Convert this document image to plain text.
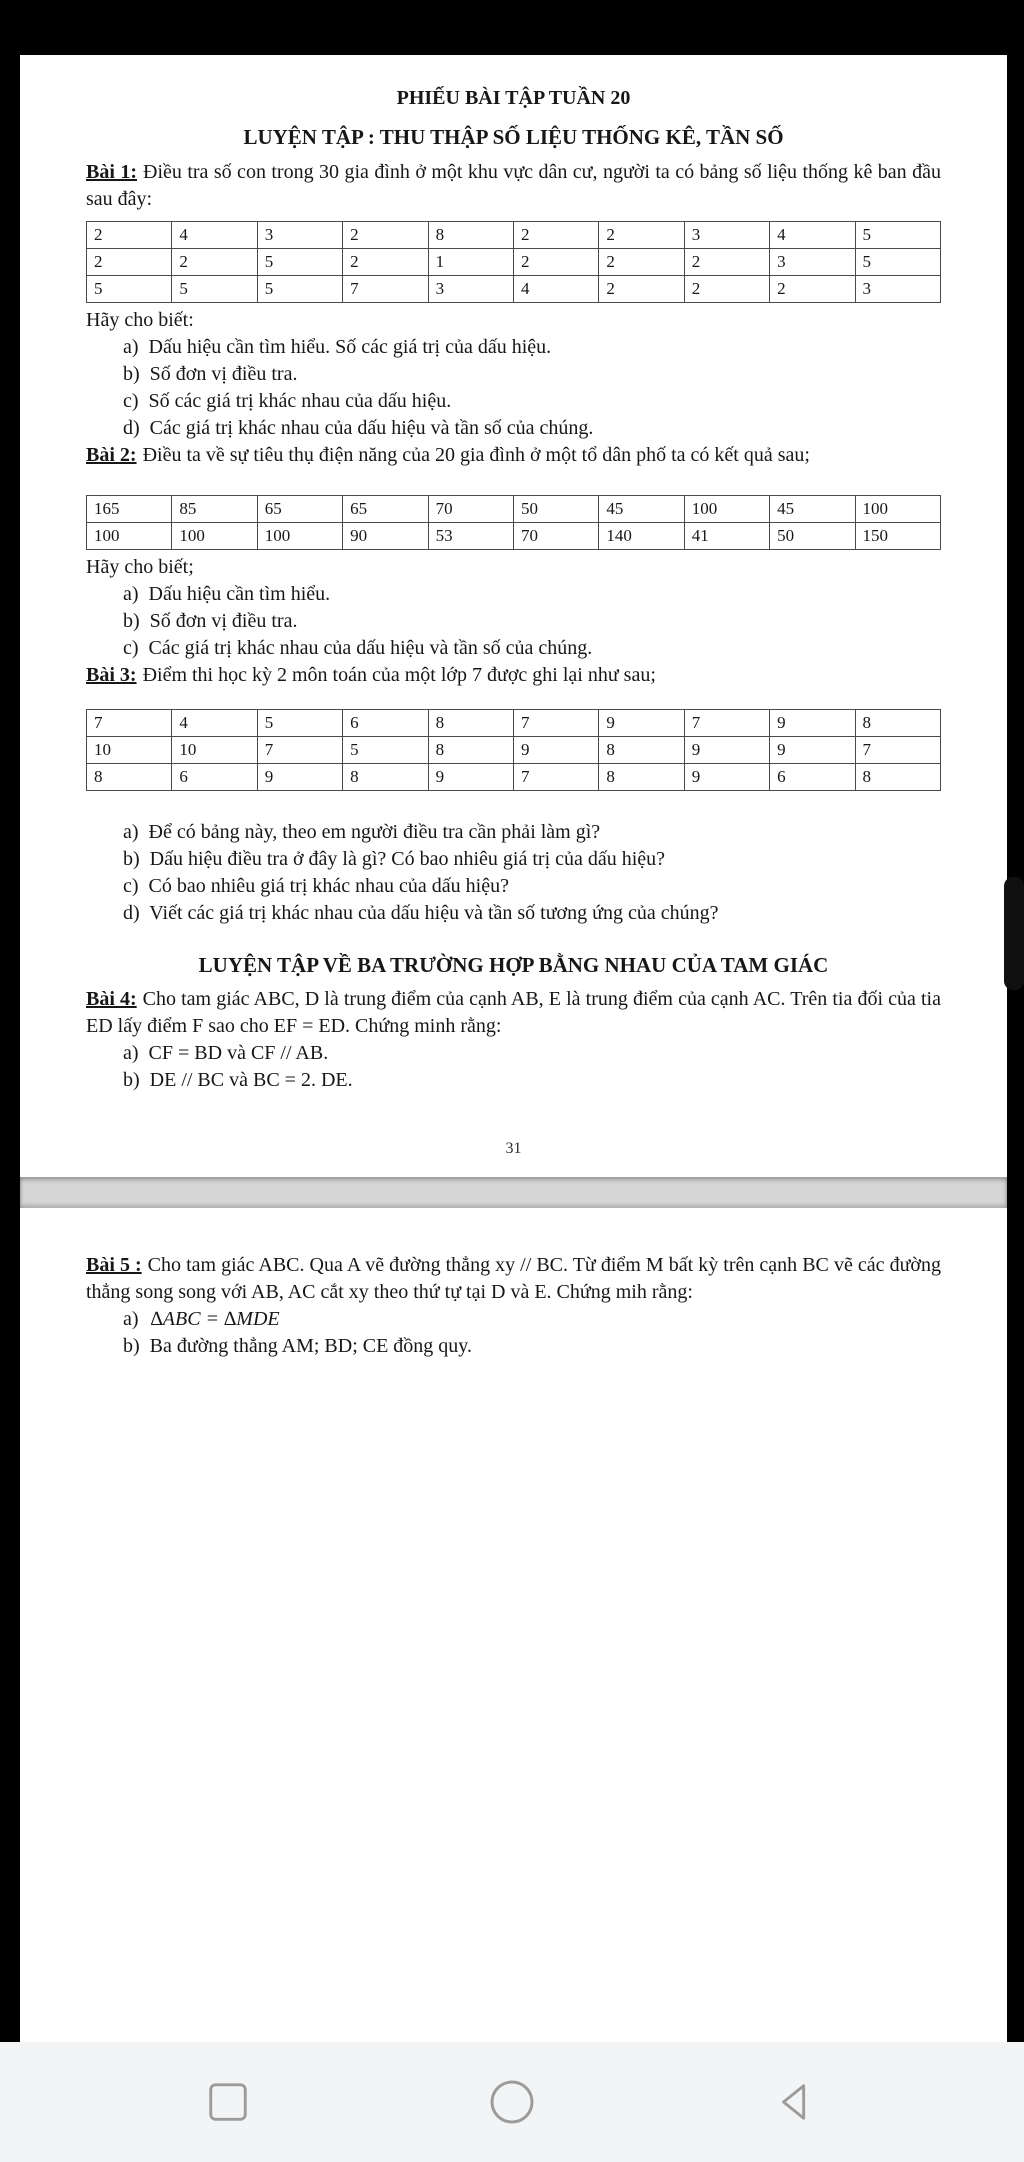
PHIẾU BÀI TẬP TUẦN 20
LUYỆN TẬP : THU THẬP SỐ LIỆU THỐNG KÊ, TẦN SỐ

Bài 1: Điều tra số con trong 30 gia đình ở một khu vực dân cư, người ta có bảng số liệu thống kê ban đầu sau đây:

2	4	3	2	8	2	2	3	4	5
2	2	5	2	1	2	2	2	3	5
5	5	5	7	3	4	2	2	2	3

Hãy cho biết:

a)  Dấu hiệu cần tìm hiểu. Số các giá trị của dấu hiệu.
b)  Số đơn vị điều tra.
c)  Số các giá trị khác nhau của dấu hiệu.
d)  Các giá trị khác nhau của dấu hiệu và tần số của chúng.

Bài 2: Điều ta về sự tiêu thụ điện năng của 20 gia đình ở một tổ dân phố ta có kết quả sau;

165	85	65	65	70	50	45	100	45	100
100	100	100	90	53	70	140	41	50	150

Hãy cho biết;

a)  Dấu hiệu cần tìm hiểu.
b)  Số đơn vị điều tra.
c)  Các giá trị khác nhau của dấu hiệu và tần số của chúng.

Bài 3: Điểm thi học kỳ 2 môn toán của một lớp 7 được ghi lại như sau;

7	4	5	6	8	7	9	7	9	8
10	10	7	5	8	9	8	9	9	7
8	6	9	8	9	7	8	9	6	8
a)  Để có bảng này, theo em người điều tra cần phải làm gì?
b)  Dấu hiệu điều tra ở đây là gì? Có bao nhiêu giá trị của dấu hiệu?
c)  Có bao nhiêu giá trị khác nhau của dấu hiệu?
d)  Viết các giá trị khác nhau của dấu hiệu và tần số tương ứng của chúng?
LUYỆN TẬP VỀ BA TRƯỜNG HỢP BẰNG NHAU CỦA TAM GIÁC

Bài 4: Cho tam giác ABC, D là trung điểm của cạnh AB, E là trung điểm của cạnh AC. Trên tia đối của tia ED lấy điểm F sao cho EF = ED. Chứng minh rằng:

a)  CF = BD và CF // AB.
b)  DE // BC và BC = 2. DE.
31

Bài 5 : Cho tam giác ABC. Qua A vẽ đường thẳng xy // BC. Từ điểm M bất kỳ trên cạnh BC vẽ các đường thẳng song song với AB, AC cắt xy theo thứ tự tại D và E. Chứng mih rằng:

a) ∆ABC = ∆MDE
b)  Ba đường thẳng AM; BD; CE đồng quy.
